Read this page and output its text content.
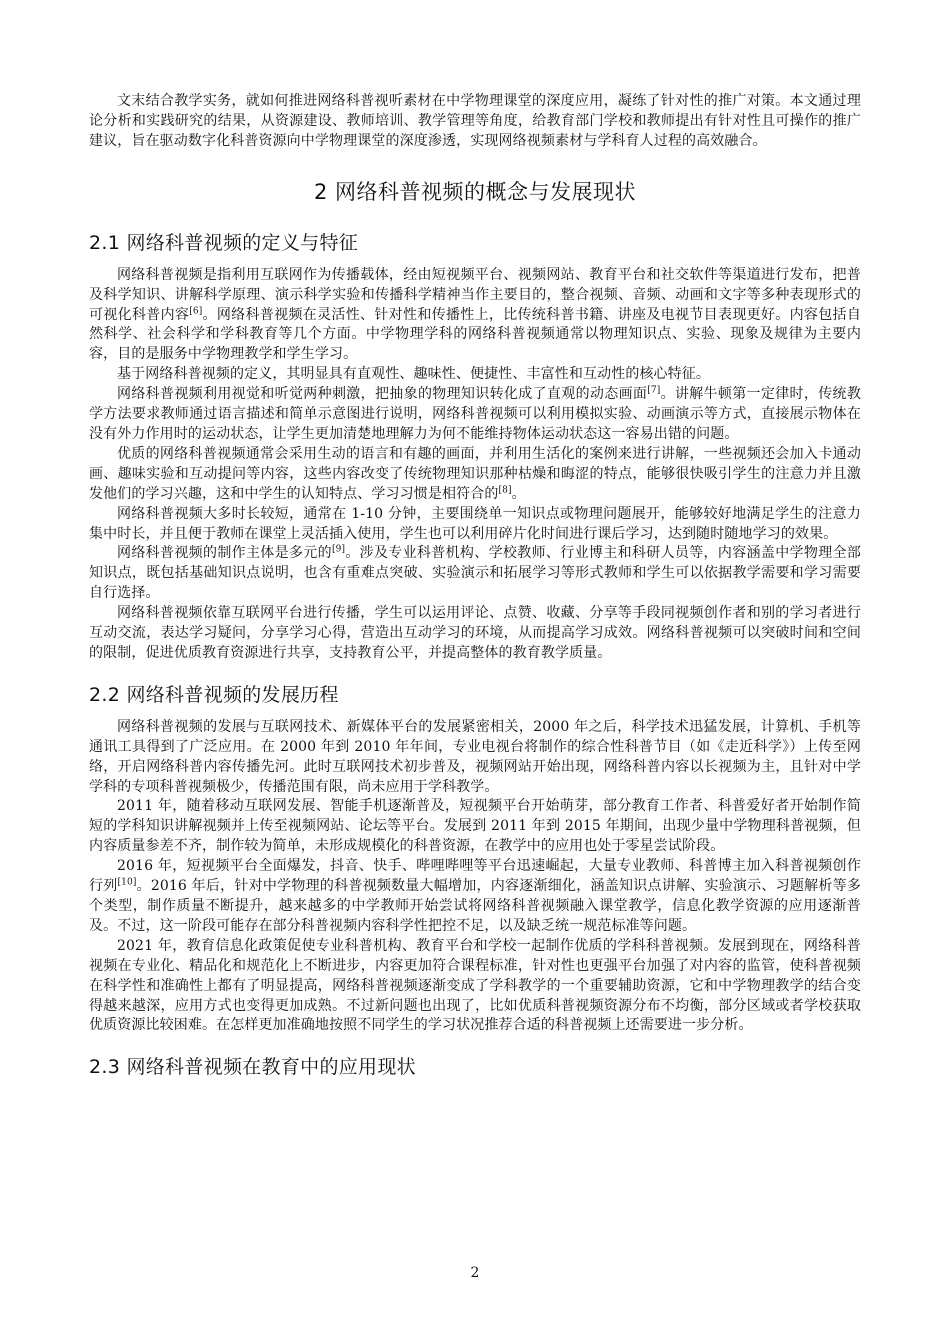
文末结合教学实务，就如何推进网络科普视听素材在中学物理课堂的深度应用，凝练了针对性的推广对策。本文通过理论分析和实践研究的结果，从资源建设、教师培训、教学管理等角度，给教育部门学校和教师提出有针对性且可操作的推广建议，旨在驱动数字化科普资源向中学物理课堂的深度渗透，实现网络视频素材与学科育人过程的高效融合。

2 网络科普视频的概念与发展现状
2.1 网络科普视频的定义与特征

网络科普视频是指利用互联网作为传播载体，经由短视频平台、视频网站、教育平台和社交软件等渠道进行发布，把普及科学知识、讲解科学原理、演示科学实验和传播科学精神当作主要目的，整合视频、音频、动画和文字等多种表现形式的可视化科普内容[6]。网络科普视频在灵活性、针对性和传播性上，比传统科普书籍、讲座及电视节目表现更好。内容包括自然科学、社会科学和学科教育等几个方面。中学物理学科的网络科普视频通常以物理知识点、实验、现象及规律为主要内容，目的是服务中学物理教学和学生学习。

基于网络科普视频的定义，其明显具有直观性、趣味性、便捷性、丰富性和互动性的核心特征。

网络科普视频利用视觉和听觉两种刺激，把抽象的物理知识转化成了直观的动态画面[7]。讲解牛顿第一定律时，传统教学方法要求教师通过语言描述和简单示意图进行说明，网络科普视频可以利用模拟实验、动画演示等方式，直接展示物体在没有外力作用时的运动状态，让学生更加清楚地理解力为何不能维持物体运动状态这一容易出错的问题。

优质的网络科普视频通常会采用生动的语言和有趣的画面，并利用生活化的案例来进行讲解，一些视频还会加入卡通动画、趣味实验和互动提问等内容，这些内容改变了传统物理知识那种枯燥和晦涩的特点，能够很快吸引学生的注意力并且激发他们的学习兴趣，这和中学生的认知特点、学习习惯是相符合的[8]。

网络科普视频大多时长较短，通常在 1-10 分钟，主要围绕单一知识点或物理问题展开，能够较好地满足学生的注意力集中时长，并且便于教师在课堂上灵活插入使用，学生也可以利用碎片化时间进行课后学习，达到随时随地学习的效果。

网络科普视频的制作主体是多元的[9]。涉及专业科普机构、学校教师、行业博主和科研人员等，内容涵盖中学物理全部知识点，既包括基础知识点说明，也含有重难点突破、实验演示和拓展学习等形式教师和学生可以依据教学需要和学习需要自行选择。

网络科普视频依靠互联网平台进行传播，学生可以运用评论、点赞、收藏、分享等手段同视频创作者和别的学习者进行互动交流，表达学习疑问，分享学习心得，营造出互动学习的环境，从而提高学习成效。网络科普视频可以突破时间和空间的限制，促进优质教育资源进行共享，支持教育公平，并提高整体的教育教学质量。

2.2 网络科普视频的发展历程

网络科普视频的发展与互联网技术、新媒体平台的发展紧密相关，2000 年之后，科学技术迅猛发展，计算机、手机等通讯工具得到了广泛应用。在 2000 年到 2010 年年间，专业电视台将制作的综合性科普节目（如《走近科学》）上传至网络，开启网络科普内容传播先河。此时互联网技术初步普及，视频网站开始出现，网络科普内容以长视频为主，且针对中学学科的专项科普视频极少，传播范围有限，尚未应用于学科教学。

2011 年，随着移动互联网发展、智能手机逐渐普及，短视频平台开始萌芽，部分教育工作者、科普爱好者开始制作简短的学科知识讲解视频并上传至视频网站、论坛等平台。发展到 2011 年到 2015 年期间，出现少量中学物理科普视频，但内容质量参差不齐，制作较为简单，未形成规模化的科普资源，在教学中的应用也处于零星尝试阶段。

2016 年，短视频平台全面爆发，抖音、快手、哔哩哔哩等平台迅速崛起，大量专业教师、科普博主加入科普视频创作行列[10]。2016 年后，针对中学物理的科普视频数量大幅增加，内容逐渐细化，涵盖知识点讲解、实验演示、习题解析等多个类型，制作质量不断提升，越来越多的中学教师开始尝试将网络科普视频融入课堂教学，信息化教学资源的应用逐渐普及。不过，这一阶段可能存在部分科普视频内容科学性把控不足，以及缺乏统一规范标准等问题。

2021 年，教育信息化政策促使专业科普机构、教育平台和学校一起制作优质的学科科普视频。发展到现在，网络科普视频在专业化、精品化和规范化上不断进步，内容更加符合课程标准，针对性也更强平台加强了对内容的监管，使科普视频在科学性和准确性上都有了明显提高，网络科普视频逐渐变成了学科教学的一个重要辅助资源，它和中学物理教学的结合变得越来越深，应用方式也变得更加成熟。不过新问题也出现了，比如优质科普视频资源分布不均衡，部分区域或者学校获取优质资源比较困难。在怎样更加准确地按照不同学生的学习状况推荐合适的科普视频上还需要进一步分析。

2.3 网络科普视频在教育中的应用现状
2
